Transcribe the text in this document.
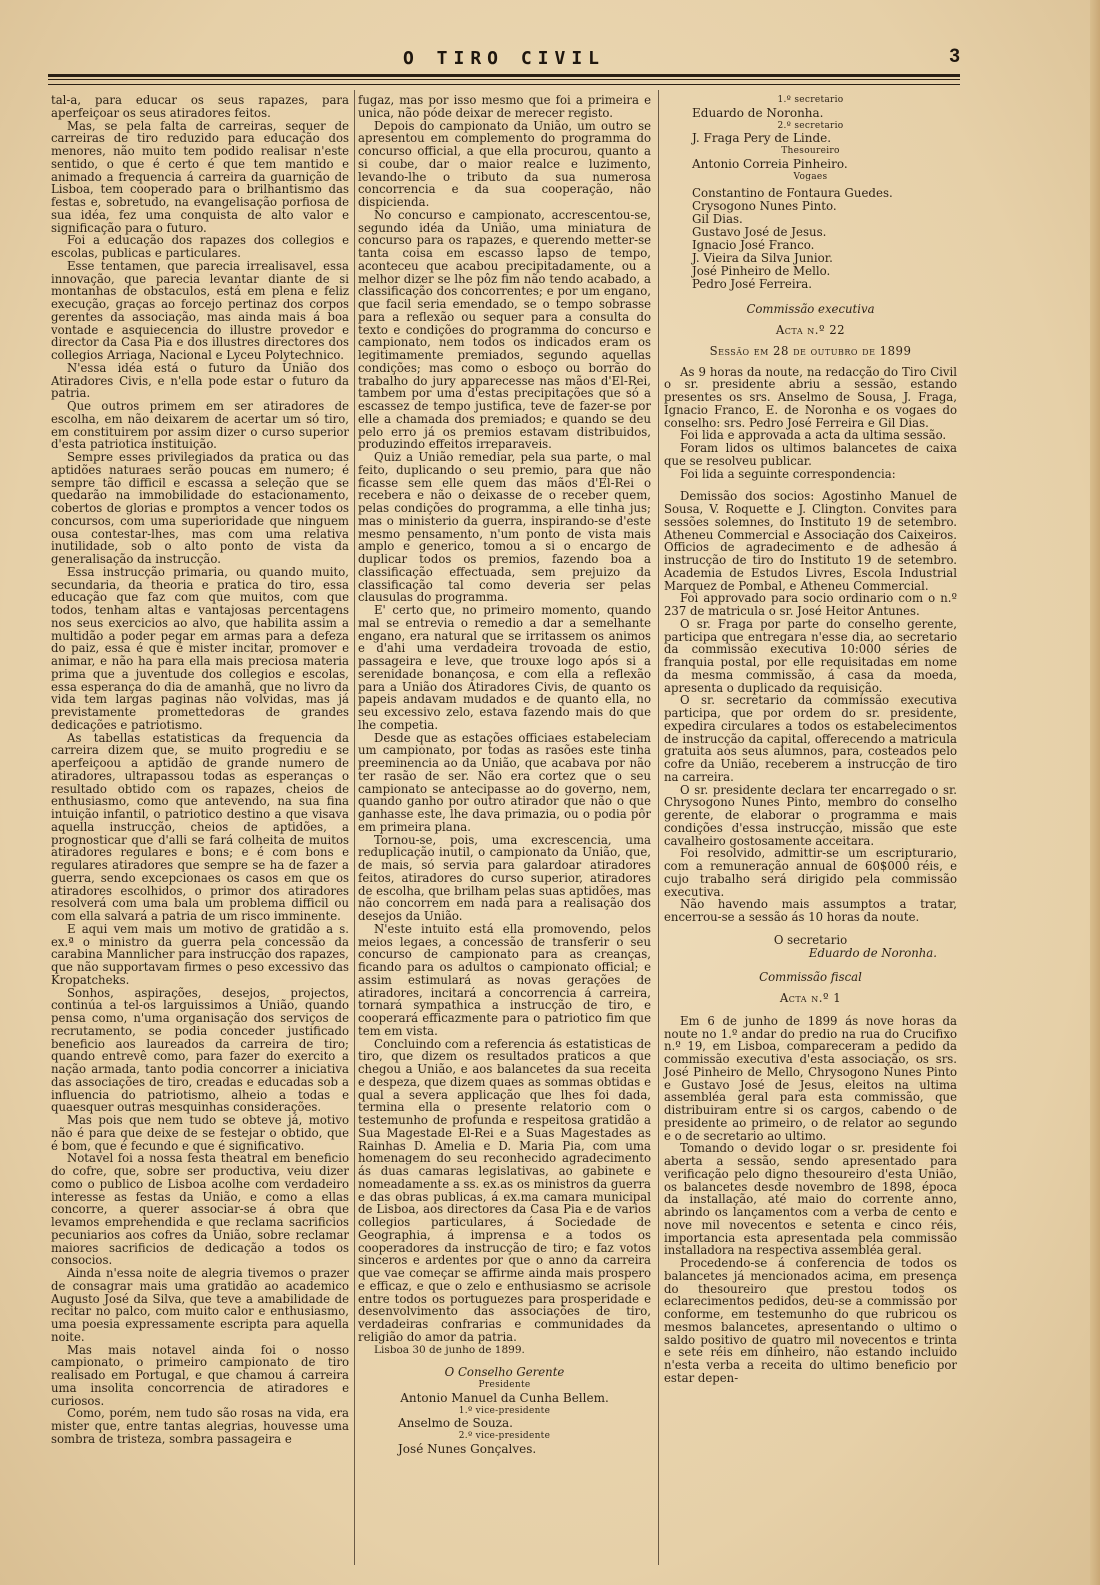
O TIRO CIVIL	3

tal-a, para educar os seus rapazes, para aperfeiçoar os seus atiradores feitos.

Mas, se pela falta de carreiras, sequer de carreiras de tiro reduzido para educação dos menores, não muito tem podido realisar n'este sentido, o que é certo é que tem mantido e animado a frequencia á carreira da guarnição de Lisboa, tem cooperado para o brilhantismo das festas e, sobretudo, na evangelisação porfiosa de sua idéa, fez uma conquista de alto valor e significação para o futuro.

Foi a educação dos rapazes dos collegios e escolas, publicas e particulares.

Esse tentamen, que parecia irrealisavel, essa innovação, que parecia levantar diante de si montanhas de obstaculos, está em plena e feliz execução, graças ao forcejo pertinaz dos corpos gerentes da associação, mas ainda mais á boa vontade e asquiecencia do illustre provedor e director da Casa Pia e dos illustres directores dos collegios Arriaga, Nacional e Lyceu Polytechnico.

N'essa idéa está o futuro da União dos Atiradores Civis, e n'ella pode estar o futuro da patria.

Que outros primem em ser atiradores de escolha, em não deixarem de acertar um só tiro, em constituirem por assim dizer o curso superior d'esta patriotica instituição.

Sempre esses privilegiados da pratica ou das aptidões naturaes serão poucas em numero; é sempre tão difficil e escassa a seleção que se quedarão na immobilidade do estacionamento, cobertos de glorias e promptos a vencer todos os concursos, com uma superioridade que ninguem ousa contestar-lhes, mas com uma relativa inutilidade, sob o alto ponto de vista da generalisação da instrucção.

Essa instrucção primaria, ou quando muito, secundaria, da theoria e pratica do tiro, essa educação que faz com que muitos, com que todos, tenham altas e vantajosas percentagens nos seus exercicios ao alvo, que habilita assim a multidão a poder pegar em armas para a defeza do paiz, essa é que é mister incitar, promover e animar, e não ha para ella mais preciosa materia prima que a juventude dos collegios e escolas, essa esperança do dia de amanhã, que no livro da vida tem largas paginas não volvidas, mas já previstamente promettedoras de grandes dedicações e patriotismo.

As tabellas estatisticas da frequencia da carreira dizem que, se muito progrediu e se aperfeiçoou a aptidão de grande numero de atiradores, ultrapassou todas as esperanças o resultado obtido com os rapazes, cheios de enthusiasmo, como que antevendo, na sua fina intuição infantil, o patriotico destino a que visava aquella instrucção, cheios de aptidões, a prognosticar que d'alli se fará colheita de muitos atiradores regulares e bons; e é com bons e regulares atiradores que sempre se ha de fazer a guerra, sendo excepcionaes os casos em que os atiradores escolhidos, o primor dos atiradores resolverá com uma bala um problema difficil ou com ella salvará a patria de um risco imminente.

E aqui vem mais um motivo de gratidão a s. ex.ª o ministro da guerra pela concessão da carabina Mannlicher para instrucção dos rapazes, que não supportavam firmes o peso excessivo das Kropatcheks.

Sonhos, aspirações, desejos, projectos, continúa a tel-os larguissimos a União, quando pensa como, n'uma organisação dos serviços de recrutamento, se podia conceder justificado beneficio aos laureados da carreira de tiro; quando entrevê como, para fazer do exercito a nação armada, tanto podia concorrer a iniciativa das associações de tiro, creadas e educadas sob a influencia do patriotismo, alheio a todas e quaesquer outras mesquinhas considerações.

Mas pois que nem tudo se obteve já, motivo não é para que deixe de se festejar o obtido, que é bom, que é fecundo e que é significativo.

Notavel foi a nossa festa theatral em beneficio do cofre, que, sobre ser productiva, veiu dizer como o publico de Lisboa acolhe com verdadeiro interesse as festas da União, e como a ellas concorre, a querer associar-se á obra que levamos emprehendida e que reclama sacrificios pecuniarios aos cofres da União, sobre reclamar maiores sacrificios de dedicação a todos os consocios.

Ainda n'essa noite de alegria tivemos o prazer de consagrar mais uma gratidão ao academico Augusto José da Silva, que teve a amabilidade de recitar no palco, com muito calor e enthusiasmo, uma poesia expressamente escripta para aquella noite.

Mas mais notavel ainda foi o nosso campionato, o primeiro campionato de tiro realisado em Portugal, e que chamou á carreira uma insolita concorrencia de atiradores e curiosos.

Como, porém, nem tudo são rosas na vida, era mister que, entre tantas alegrias, houvesse uma sombra de tristeza, sombra passageira e

fugaz, mas por isso mesmo que foi a primeira e unica, não póde deixar de merecer registo.

Depois do campionato da União, um outro se apresentou em complemento do programma do concurso official, a que ella procurou, quanto a si coube, dar o maior realce e luzimento, levando-lhe o tributo da sua numerosa concorrencia e da sua cooperação, não dispicienda.

No concurso e campionato, accrescentou-se, segundo idéa da União, uma miniatura de concurso para os rapazes, e querendo metter-se tanta coisa em escasso lapso de tempo, aconteceu que acabou precipitadamente, ou a melhor dizer se lhe pôz fim não tendo acabado, a classificação dos concorrentes; e por um engano, que facil seria emendado, se o tempo sobrasse para a reflexão ou sequer para a consulta do texto e condições do programma do concurso e campionato, nem todos os indicados eram os legitimamente premiados, segundo aquellas condições; mas como o esboço ou borrão do trabalho do jury apparecesse nas mãos d'El-Rei, tambem por uma d'estas precipitações que só a escassez de tempo justifica, teve de fazer-se por elle a chamada dos premiados; e quando se deu pelo erro já os premios estavam distribuidos, produzindo effeitos irreparaveis.

Quiz a União remediar, pela sua parte, o mal feito, duplicando o seu premio, para que não ficasse sem elle quem das mãos d'El-Rei o recebera e não o deixasse de o receber quem, pelas condições do programma, a elle tinha jus; mas o ministerio da guerra, inspirando-se d'este mesmo pensamento, n'um ponto de vista mais amplo e generico, tomou a si o encargo de duplicar todos os premios, fazendo boa a classificação effectuada, sem prejuizo da classificação tal como deveria ser pelas clausulas do programma.

E' certo que, no primeiro momento, quando mal se entrevia o remedio a dar a semelhante engano, era natural que se irritassem os animos e d'ahi uma verdadeira trovoada de estio, passageira e leve, que trouxe logo após si a serenidade bonançosa, e com ella a reflexão para a União dos Atiradores Civis, de quanto os papeis andavam mudados e de quanto ella, no seu excessivo zelo, estava fazendo mais do que lhe competia.

Desde que as estações officiaes estabeleciam um campionato, por todas as rasões este tinha preeminencia ao da União, que acabava por não ter rasão de ser. Não era cortez que o seu campionato se antecipasse ao do governo, nem, quando ganho por outro atirador que não o que ganhasse este, lhe dava primazia, ou o podia pôr em primeira plana.

Tornou-se, pois, uma excrescencia, uma reduplicação inutil, o campionato da União, que, de mais, só servia para galardoar atiradores feitos, atiradores do curso superior, atiradores de escolha, que brilham pelas suas aptidões, mas não concorrem em nada para a realisação dos desejos da União.

N'este intuito está ella promovendo, pelos meios legaes, a concessão de transferir o seu concurso de campionato para as creanças, ficando para os adultos o campionato official; e assim estimulará as novas gerações de atiradores, incitará a concorrencia á carreira, tornará sympathica a instrucção de tiro, e cooperará efficazmente para o patriotico fim que tem em vista.

Concluindo com a referencia ás estatisticas de tiro, que dizem os resultados praticos a que chegou a União, e aos balancetes da sua receita e despeza, que dizem quaes as sommas obtidas e qual a severa applicação que lhes foi dada, termina ella o presente relatorio com o testemunho de profunda e respeitosa gratidão a Sua Magestade El-Rei e a Suas Magestades as Rainhas D. Amelia e D. Maria Pia, com uma homenagem do seu reconhecido agradecimento ás duas camaras legislativas, ao gabinete e nomeadamente a ss. ex.as os ministros da guerra e das obras publicas, á ex.ma camara municipal de Lisboa, aos directores da Casa Pia e de varios collegios particulares, á Sociedade de Geographia, á imprensa e a todos os cooperadores da instrucção de tiro; e faz votos sinceros e ardentes por que o anno da carreira que vae começar se affirme ainda mais prospero e efficaz, e que o zelo e enthusiasmo se acrisole entre todos os portuguezes para prosperidade e desenvolvimento das associações de tiro, verdadeiras confrarias e communidades da religião do amor da patria.

Lisboa 30 de junho de 1899.

O Conselho Gerente

Presidente

Antonio Manuel da Cunha Bellem.

1.º vice-presidente

Anselmo de Souza.

2.º vice-presidente

José Nunes Gonçalves.

1.º secretario

Eduardo de Noronha.

2.º secretario

J. Fraga Pery de Linde.

Thesoureiro

Antonio Correia Pinheiro.

Vogaes

Constantino de Fontaura Guedes.
Crysogono Nunes Pinto.
Gil Dias.
Gustavo José de Jesus.
Ignacio José Franco.
J. Vieira da Silva Junior.
José Pinheiro de Mello.
Pedro José Ferreira.

Commissão executiva

Acta n.º 22

Sessão em 28 de outubro de 1899

As 9 horas da noute, na redacção do Tiro Civil o sr. presidente abriu a sessão, estando presentes os srs. Anselmo de Sousa, J. Fraga, Ignacio Franco, E. de Noronha e os vogaes do conselho: srs. Pedro José Ferreira e Gil Dias.

Foi lida e approvada a acta da ultima sessão.

Foram lidos os ultimos balancetes de caixa que se resolveu publicar.

Foi lida a seguinte correspondencia:

Demissão dos socios: Agostinho Manuel de Sousa, V. Roquette e J. Clington. Convites para sessões solemnes, do Instituto 19 de setembro. Atheneu Commercial e Associação dos Caixeiros. Officios de agradecimento e de adhesão á instrucção de tiro do Instituto 19 de setembro. Academia de Estudos Livres, Escola Industrial Marquez de Pombal, e Atheneu Commercial.

Foi approvado para socio ordinario com o n.º 237 de matricula o sr. José Heitor Antunes.

O sr. Fraga por parte do conselho gerente, participa que entregara n'esse dia, ao secretario da commissão executiva 10:000 séries de franquia postal, por elle requisitadas em nome da mesma commissão, á casa da moeda, apresenta o duplicado da requisição.

O sr. secretario da commissão executiva participa, que por ordem do sr. presidente, expedira circulares a todos os estabelecimentos de instrucção da capital, offerecendo a matricula gratuita aos seus alumnos, para, costeados pelo cofre da União, receberem a instrucção de tiro na carreira.

O sr. presidente declara ter encarregado o sr. Chrysogono Nunes Pinto, membro do conselho gerente, de elaborar o programma e mais condições d'essa instrucção, missão que este cavalheiro gostosamente acceitara.

Foi resolvido, admittir-se um escripturario, com a remuneração annual de 60$000 réis, e cujo trabalho será dirigido pela commissão executiva.

Não havendo mais assumptos a tratar, encerrou-se a sessão ás 10 horas da noute.

O secretario

Eduardo de Noronha.

Commissão fiscal

Acta n.º 1

Em 6 de junho de 1899 ás nove horas da noute no 1.º andar do predio na rua do Crucifixo n.º 19, em Lisboa, compareceram a pedido da commissão executiva d'esta associação, os srs. José Pinheiro de Mello, Chrysogono Nunes Pinto e Gustavo José de Jesus, eleitos na ultima assembléa geral para esta commissão, que distribuiram entre si os cargos, cabendo o de presidente ao primeiro, o de relator ao segundo e o de secretario ao ultimo.

Tomando o devido logar o sr. presidente foi aberta a sessão, sendo apresentado para verificação pelo digno thesoureiro d'esta União, os balancetes desde novembro de 1898, época da installação, até maio do corrente anno, abrindo os lançamentos com a verba de cento e nove mil novecentos e setenta e cinco réis, importancia esta apresentada pela commissão installadora na respectiva assembléa geral.

Procedendo-se á conferencia de todos os balancetes já mencionados acima, em presença do thesoureiro que prestou todos os eclarecimentos pedidos, deu-se a commissão por conforme, em testemunho do que rubricou os mesmos balancetes, apresentando o ultimo o saldo positivo de quatro mil novecentos e trinta e sete réis em dinheiro, não estando incluido n'esta verba a receita do ultimo beneficio por estar depen-
